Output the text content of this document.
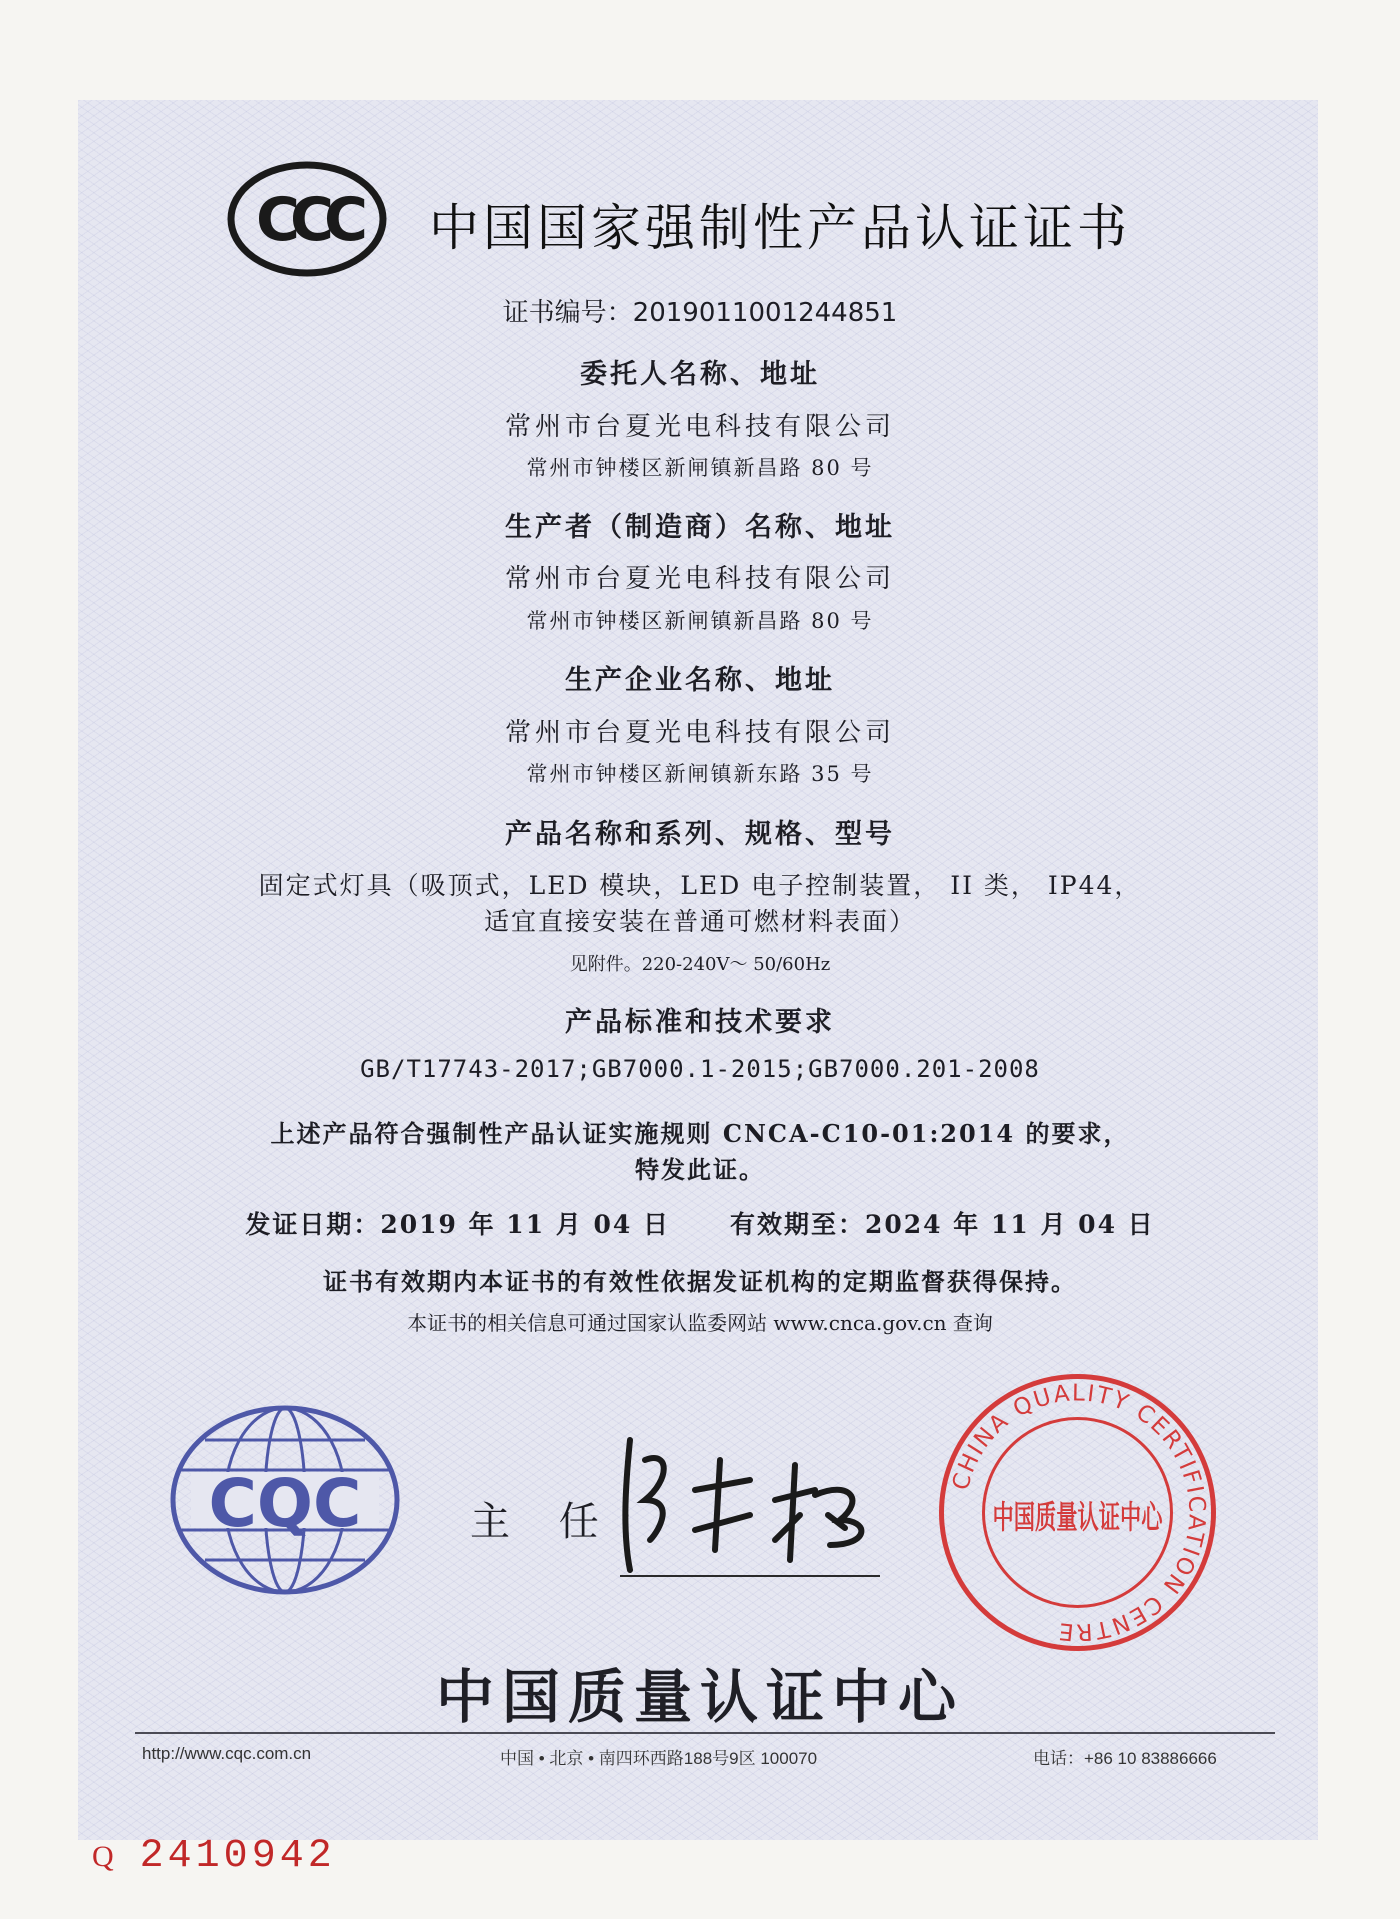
CCC	中国国家强制性产品认证证书
证书编号：2019011001244851
委托人名称、地址
常州市台夏光电科技有限公司
常州市钟楼区新闸镇新昌路 80 号
生产者（制造商）名称、地址
常州市台夏光电科技有限公司
常州市钟楼区新闸镇新昌路 80 号
生产企业名称、地址
常州市台夏光电科技有限公司
常州市钟楼区新闸镇新东路 35 号
产品名称和系列、规格、型号
固定式灯具（吸顶式，LED 模块，LED 电子控制装置， II 类， IP44，
适宜直接安装在普通可燃材料表面）
见附件。220-240V～ 50/60Hz
产品标准和技术要求
GB/T17743-2017;GB7000.1-2015;GB7000.201-2008
上述产品符合强制性产品认证实施规则 CNCA-C10-01:2014 的要求，
特发此证。
发证日期：2019 年 11 月 04 日 有效期至：2024 年 11 月 04 日
证书有效期内本证书的有效性依据发证机构的定期监督获得保持。
本证书的相关信息可通过国家认监委网站 www.cnca.gov.cn 查询
CQC	主 任：
CHINA QUALITY CERTIFICATION CENTRE
中国质量认证中心
中国质量认证中心
http://www.cqc.com.cn	中国 • 北京 • 南四环西路188号9区 100070	电话：+86 10 83886666
Q 2410942
